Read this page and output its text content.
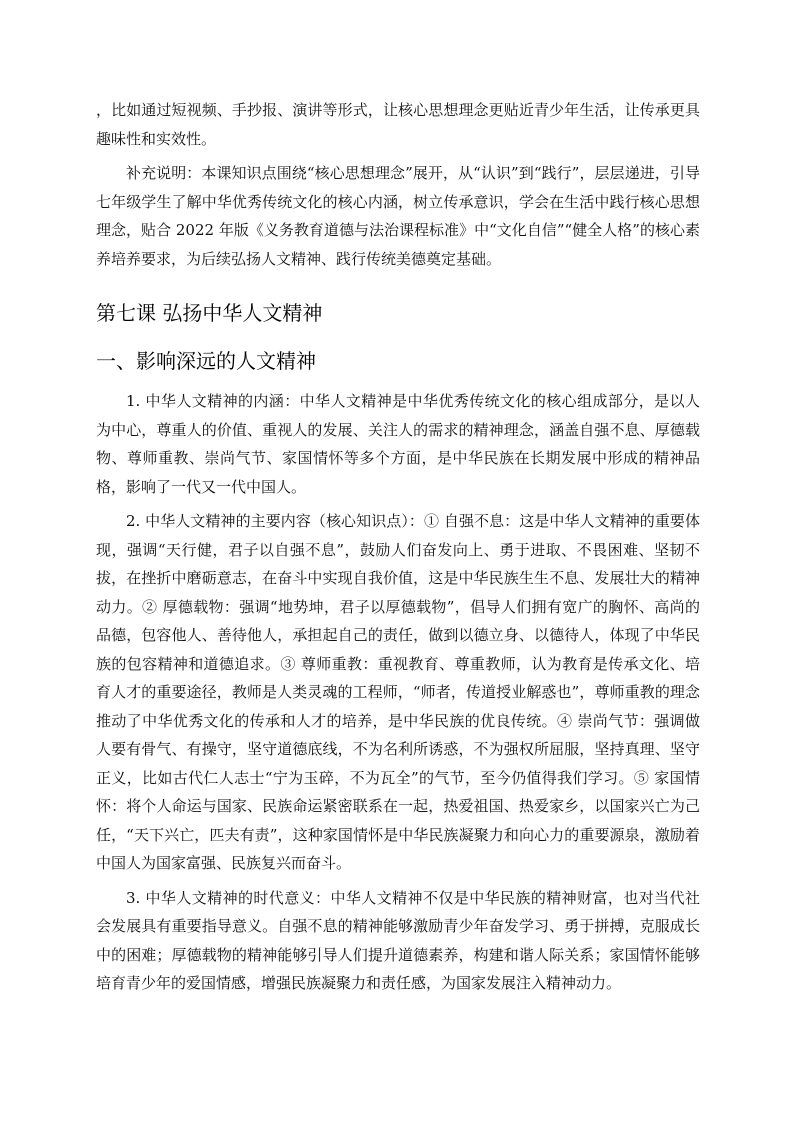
，比如通过短视频、手抄报、演讲等形式，让核心思想理念更贴近青少年生活，让传承更具趣味性和实效性。

补充说明：本课知识点围绕“核心思想理念”展开，从“认识”到“践行”，层层递进，引导七年级学生了解中华优秀传统文化的核心内涵，树立传承意识，学会在生活中践行核心思想理念，贴合 2022 年版《义务教育道德与法治课程标准》中“文化自信”“健全人格”的核心素养培养要求，为后续弘扬人文精神、践行传统美德奠定基础。

第七课 弘扬中华人文精神
一、影响深远的人文精神

1. 中华人文精神的内涵：中华人文精神是中华优秀传统文化的核心组成部分，是以人为中心，尊重人的价值、重视人的发展、关注人的需求的精神理念，涵盖自强不息、厚德载物、尊师重教、崇尚气节、家国情怀等多个方面，是中华民族在长期发展中形成的精神品格，影响了一代又一代中国人。

2. 中华人文精神的主要内容（核心知识点）：① 自强不息：这是中华人文精神的重要体现，强调“天行健，君子以自强不息”，鼓励人们奋发向上、勇于进取、不畏困难、坚韧不拔，在挫折中磨砺意志，在奋斗中实现自我价值，这是中华民族生生不息、发展壮大的精神动力。② 厚德载物：强调“地势坤，君子以厚德载物”，倡导人们拥有宽广的胸怀、高尚的品德，包容他人、善待他人，承担起自己的责任，做到以德立身、以德待人，体现了中华民族的包容精神和道德追求。③ 尊师重教：重视教育、尊重教师，认为教育是传承文化、培育人才的重要途径，教师是人类灵魂的工程师，“师者，传道授业解惑也”，尊师重教的理念推动了中华优秀文化的传承和人才的培养，是中华民族的优良传统。④ 崇尚气节：强调做人要有骨气、有操守，坚守道德底线，不为名利所诱惑，不为强权所屈服，坚持真理、坚守正义，比如古代仁人志士“宁为玉碎，不为瓦全”的气节，至今仍值得我们学习。⑤ 家国情怀：将个人命运与国家、民族命运紧密联系在一起，热爱祖国、热爱家乡，以国家兴亡为己任，“天下兴亡，匹夫有责”，这种家国情怀是中华民族凝聚力和向心力的重要源泉，激励着中国人为国家富强、民族复兴而奋斗。

3. 中华人文精神的时代意义：中华人文精神不仅是中华民族的精神财富，也对当代社会发展具有重要指导意义。自强不息的精神能够激励青少年奋发学习、勇于拼搏，克服成长中的困难；厚德载物的精神能够引导人们提升道德素养，构建和谐人际关系；家国情怀能够培育青少年的爱国情感，增强民族凝聚力和责任感，为国家发展注入精神动力。
